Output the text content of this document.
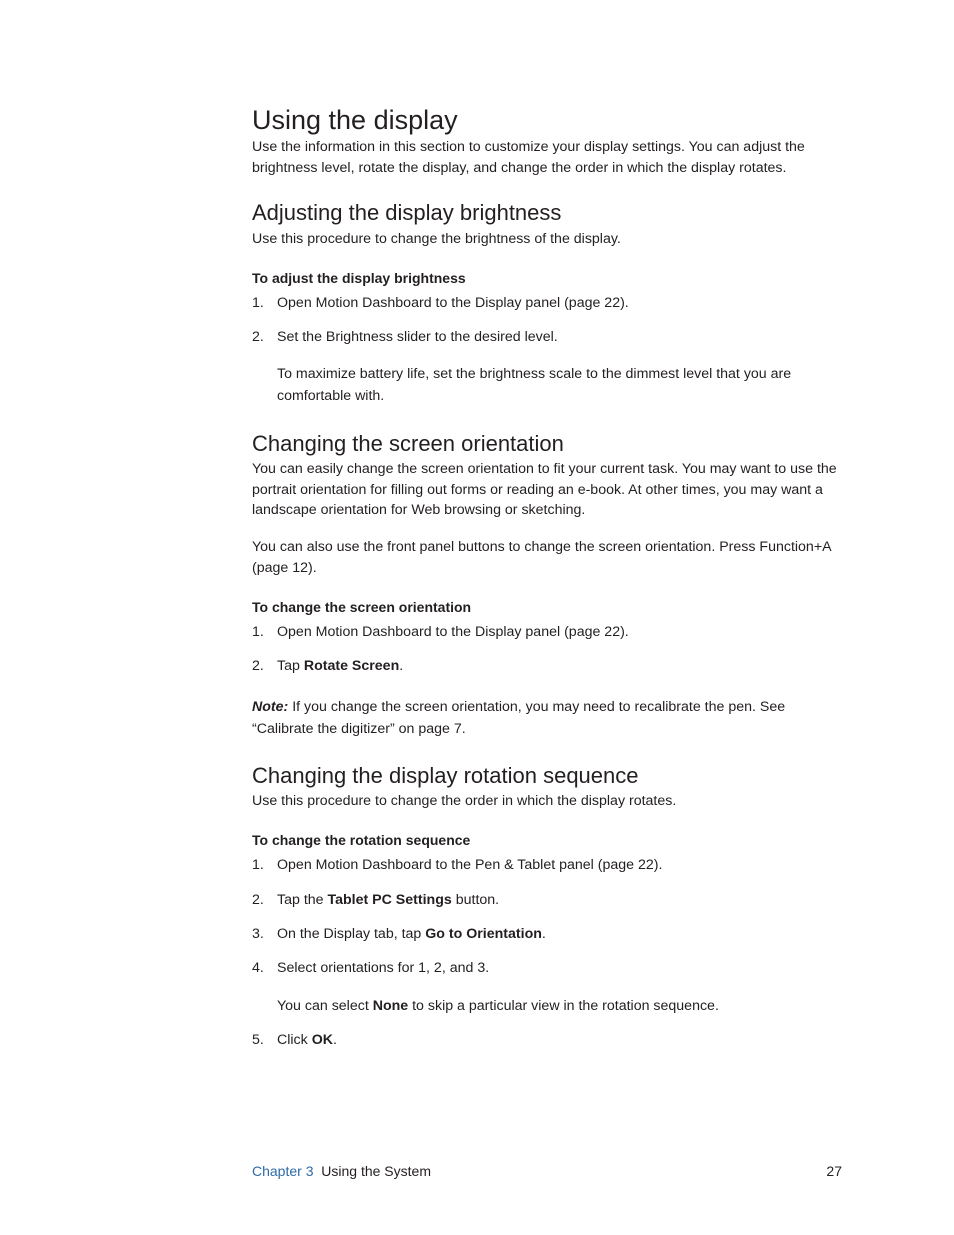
Using the display
Use the information in this section to customize your display settings. You can adjust the brightness level, rotate the display, and change the order in which the display rotates.
Adjusting the display brightness
Use this procedure to change the brightness of the display.
To adjust the display brightness
1. Open Motion Dashboard to the Display panel (page 22).
2. Set the Brightness slider to the desired level.
To maximize battery life, set the brightness scale to the dimmest level that you are comfortable with.
Changing the screen orientation
You can easily change the screen orientation to fit your current task. You may want to use the portrait orientation for filling out forms or reading an e-book. At other times, you may want a landscape orientation for Web browsing or sketching.
You can also use the front panel buttons to change the screen orientation. Press Function+A (page 12).
To change the screen orientation
1. Open Motion Dashboard to the Display panel (page 22).
2. Tap Rotate Screen.
Note: If you change the screen orientation, you may need to recalibrate the pen. See “Calibrate the digitizer” on page 7.
Changing the display rotation sequence
Use this procedure to change the order in which the display rotates.
To change the rotation sequence
1. Open Motion Dashboard to the Pen & Tablet panel (page 22).
2. Tap the Tablet PC Settings button.
3. On the Display tab, tap Go to Orientation.
4. Select orientations for 1, 2, and 3.
You can select None to skip a particular view in the rotation sequence.
5. Click OK.
Chapter 3 Using the System	27
